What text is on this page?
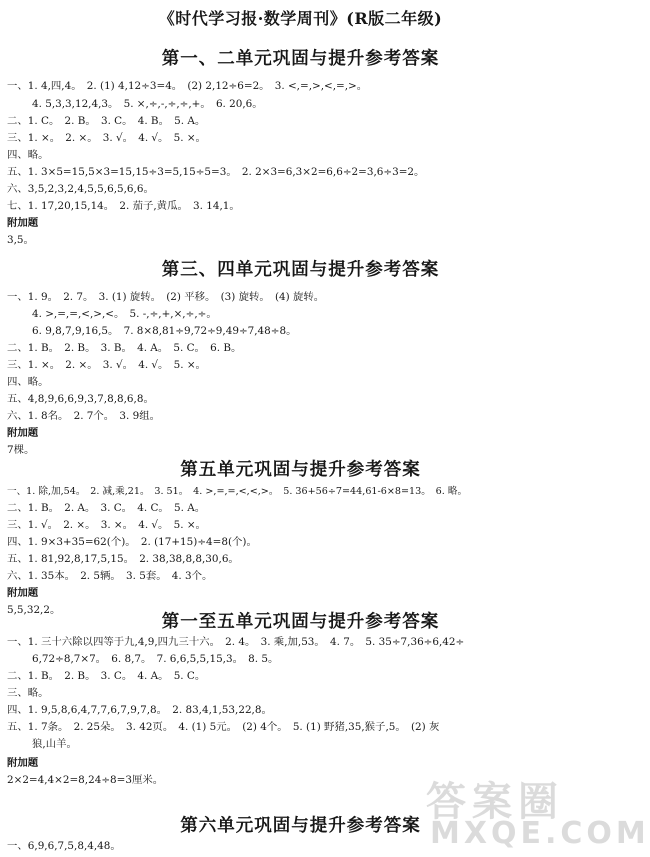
《时代学习报·数学周刊》(R版二年级)
第一、二单元巩固与提升参考答案
一、1. 4,四,4。　2. (1) 4,12÷3=4。　(2) 2,12÷6=2。　3. <,=,>,<,=,>。
4. 5,3,3,12,4,3。　5. ×,÷,-,÷,÷,+。　6. 20,6。
二、1. C。　2. B。　3. C。　4. B。　5. A。
三、1. ×。　2. ×。　3. √。　4. √。　5. ×。
四、略。
五、1. 3×5=15,5×3=15,15÷3=5,15÷5=3。　2. 2×3=6,3×2=6,6÷2=3,6÷3=2。
六、3,5,2,3,2,4,5,5,6,5,6,6。
七、1. 17,20,15,14。　2. 茄子,黄瓜。　3. 14,1。
附加题
3,5。
第三、四单元巩固与提升参考答案
一、1. 9。　2. 7。　3. (1) 旋转。　(2) 平移。　(3) 旋转。　(4) 旋转。
4. >,=,=,<,>,<。　5. -,÷,+,×,÷,÷。
6. 9,8,7,9,16,5。　7. 8×8,81÷9,72÷9,49÷7,48÷8。
二、1. B。　2. B。　3. B。　4. A。　5. C。　6. B。
三、1. ×。　2. ×。　3. √。　4. √。　5. ×。
四、略。
五、4,8,9,6,6,9,3,7,8,8,6,8。
六、1. 8名。　2. 7个。　3. 9组。
附加题
7棵。
第五单元巩固与提升参考答案
一、1. 除,加,54。　2. 减,乘,21。　3. 51。　4. >,=,=,<,<,>。　5. 36+56÷7=44,61-6×8=13。　6. 略。
二、1. B。　2. A。　3. C。　4. C。　5. A。
三、1. √。　2. ×。　3. ×。　4. √。　5. ×。
四、1. 9×3+35=62(个)。　2. (17+15)÷4=8(个)。
五、1. 81,92,8,17,5,15。　2. 38,38,8,8,30,6。
六、1. 35本。　2. 5辆。　3. 5套。　4. 3个。
附加题
5,5,32,2。
第一至五单元巩固与提升参考答案
一、1. 三十六除以四等于九,4,9,四九三十六。　2. 4。　3. 乘,加,53。　4. 7。　5. 35÷7,36÷6,42÷
6,72÷8,7×7。　6. 8,7。　7. 6,6,5,5,15,3。　8. 5。
二、1. B。　2. B。　3. C。　4. A。　5. C。
三、略。
四、1. 9,5,8,6,4,7,7,6,7,9,7,8。　2. 83,4,1,53,22,8。
五、1. 7条。　2. 25朵。　3. 42页。　4. (1) 5元。　(2) 4个。　5. (1) 野猪,35,猴子,5。　(2) 灰
狼,山羊。
附加题
2×2=4,4×2=8,24÷8=3厘米。
第六单元巩固与提升参考答案
一、6,9,6,7,5,8,4,48。
答案圈
MXQE.COM
